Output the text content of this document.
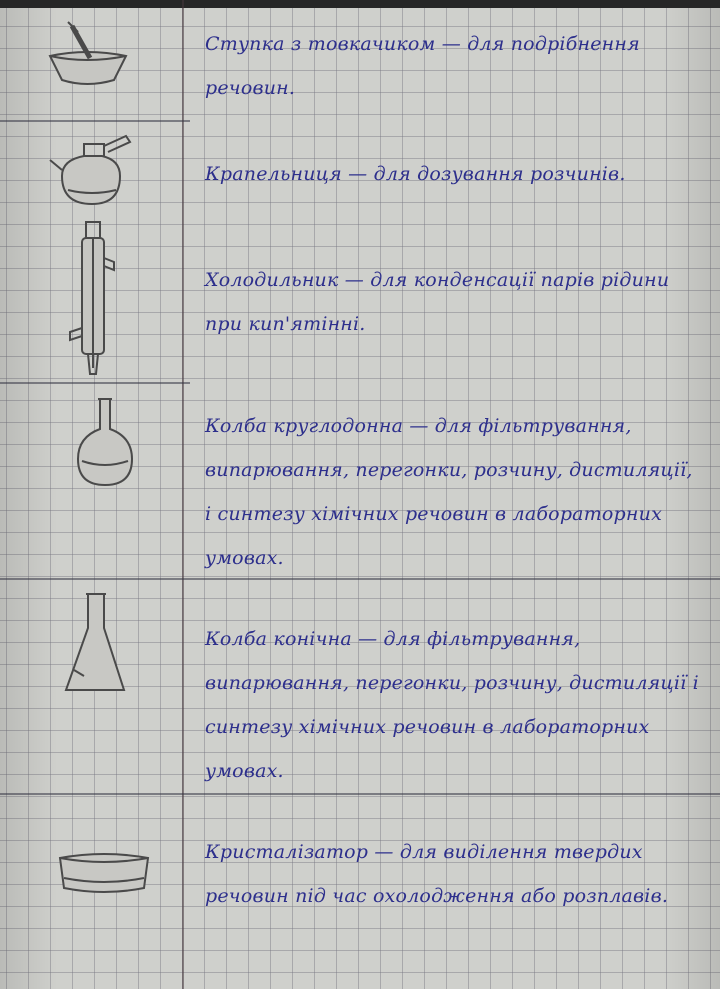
Ступка з товкачиком — для подрібнення речовин.
Крапельниця — для дозування розчинів.
Холодильник — для конденсації парів рідини при кип'ятінні.
Колба круглодонна — для фільтрування, випарювання, перегонки, розчину, дистиляції, і синтезу хімічних речовин в лабораторних умовах.
Колба конічна — для фільтрування, випарювання, перегонки, розчину, дистиляції і синтезу хімічних речовин в лабораторних умовах.
Кристалізатор — для виділення твердих речовин під час охолодження або розплавів.
